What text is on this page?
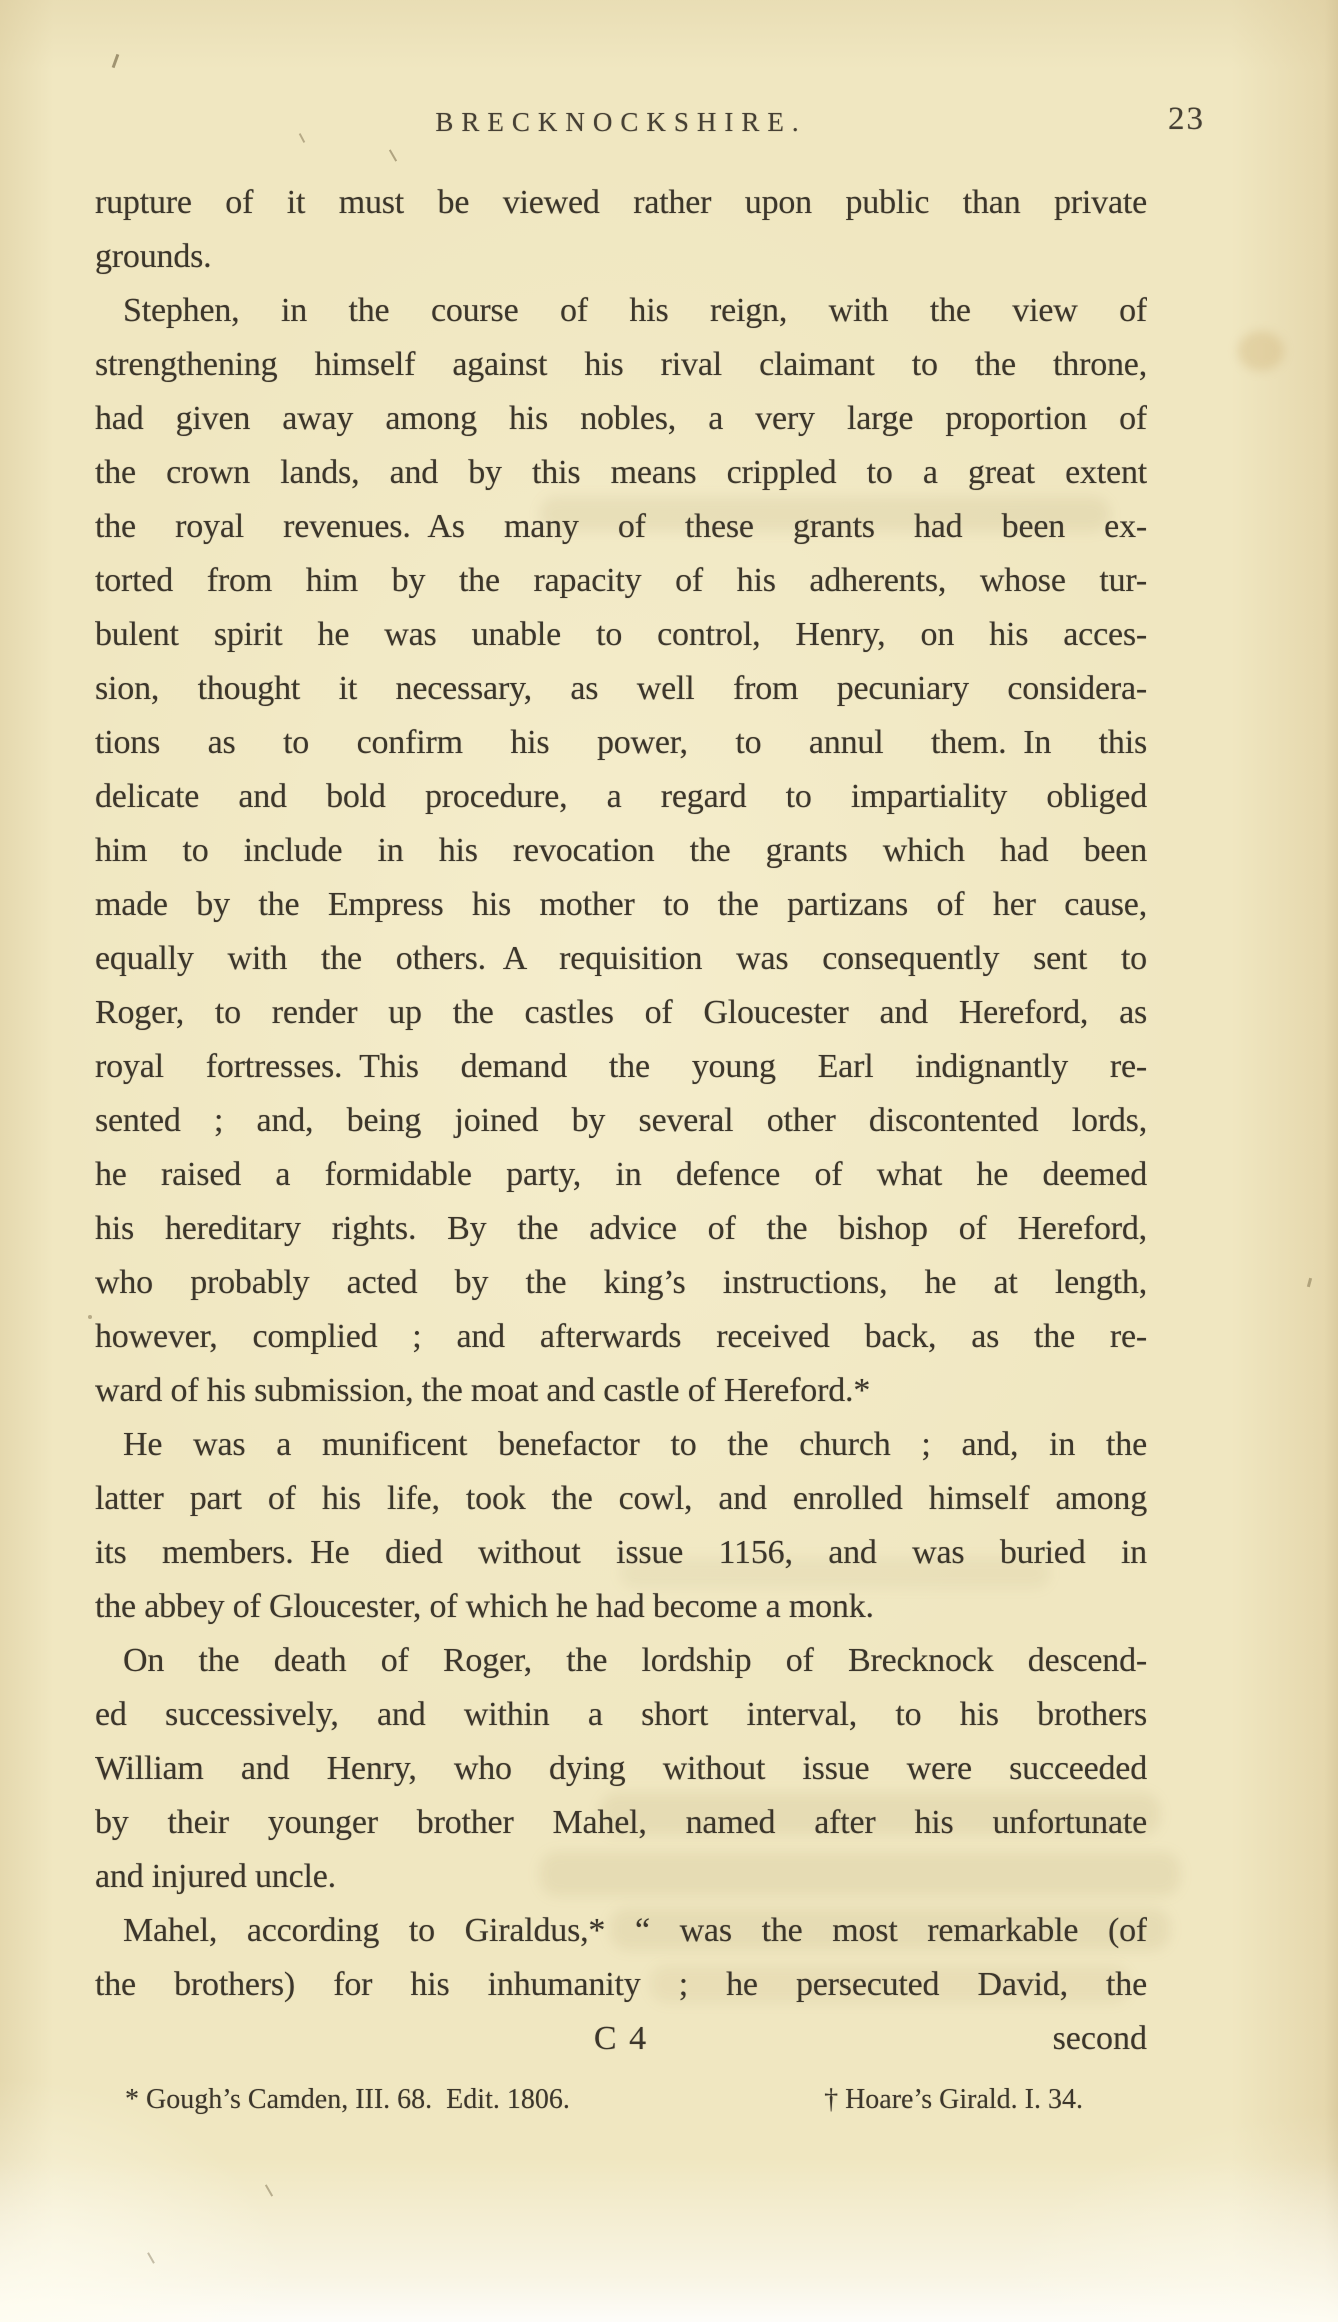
BRECKNOCKSHIRE.	23
rupture of it must be viewed rather upon public than private
grounds.
Stephen, in the course of his reign, with the view of
strengthening himself against his rival claimant to the throne,
had given away among his nobles, a very large proportion of
the crown lands, and by this means crippled to a great extent
the royal revenues. As many of these grants had been ex-
torted from him by the rapacity of his adherents, whose tur-
bulent spirit he was unable to control, Henry, on his acces-
sion, thought it necessary, as well from pecuniary considera-
tions as to confirm his power, to annul them. In this
delicate and bold procedure, a regard to impartiality obliged
him to include in his revocation the grants which had been
made by the Empress his mother to the partizans of her cause,
equally with the others. A requisition was consequently sent to
Roger, to render up the castles of Gloucester and Hereford, as
royal fortresses. This demand the young Earl indignantly re-
sented ; and, being joined by several other discontented lords,
he raised a formidable party, in defence of what he deemed
his hereditary rights. By the advice of the bishop of Hereford,
who probably acted by the king’s instructions, he at length,
however, complied ; and afterwards received back, as the re-
ward of his submission, the moat and castle of Hereford.*
He was a munificent benefactor to the church ; and, in the
latter part of his life, took the cowl, and enrolled himself among
its members. He died without issue 1156, and was buried in
the abbey of Gloucester, of which he had become a monk.
On the death of Roger, the lordship of Brecknock descend-
ed successively, and within a short interval, to his brothers
William and Henry, who dying without issue were succeeded
by their younger brother Mahel, named after his unfortunate
and injured uncle.
Mahel, according to Giraldus,* “ was the most remarkable (of
the brothers) for his inhumanity ; he persecuted David, the
C 4	second
* Gough’s Camden, III. 68. Edit. 1806.	† Hoare’s Girald. I. 34.
